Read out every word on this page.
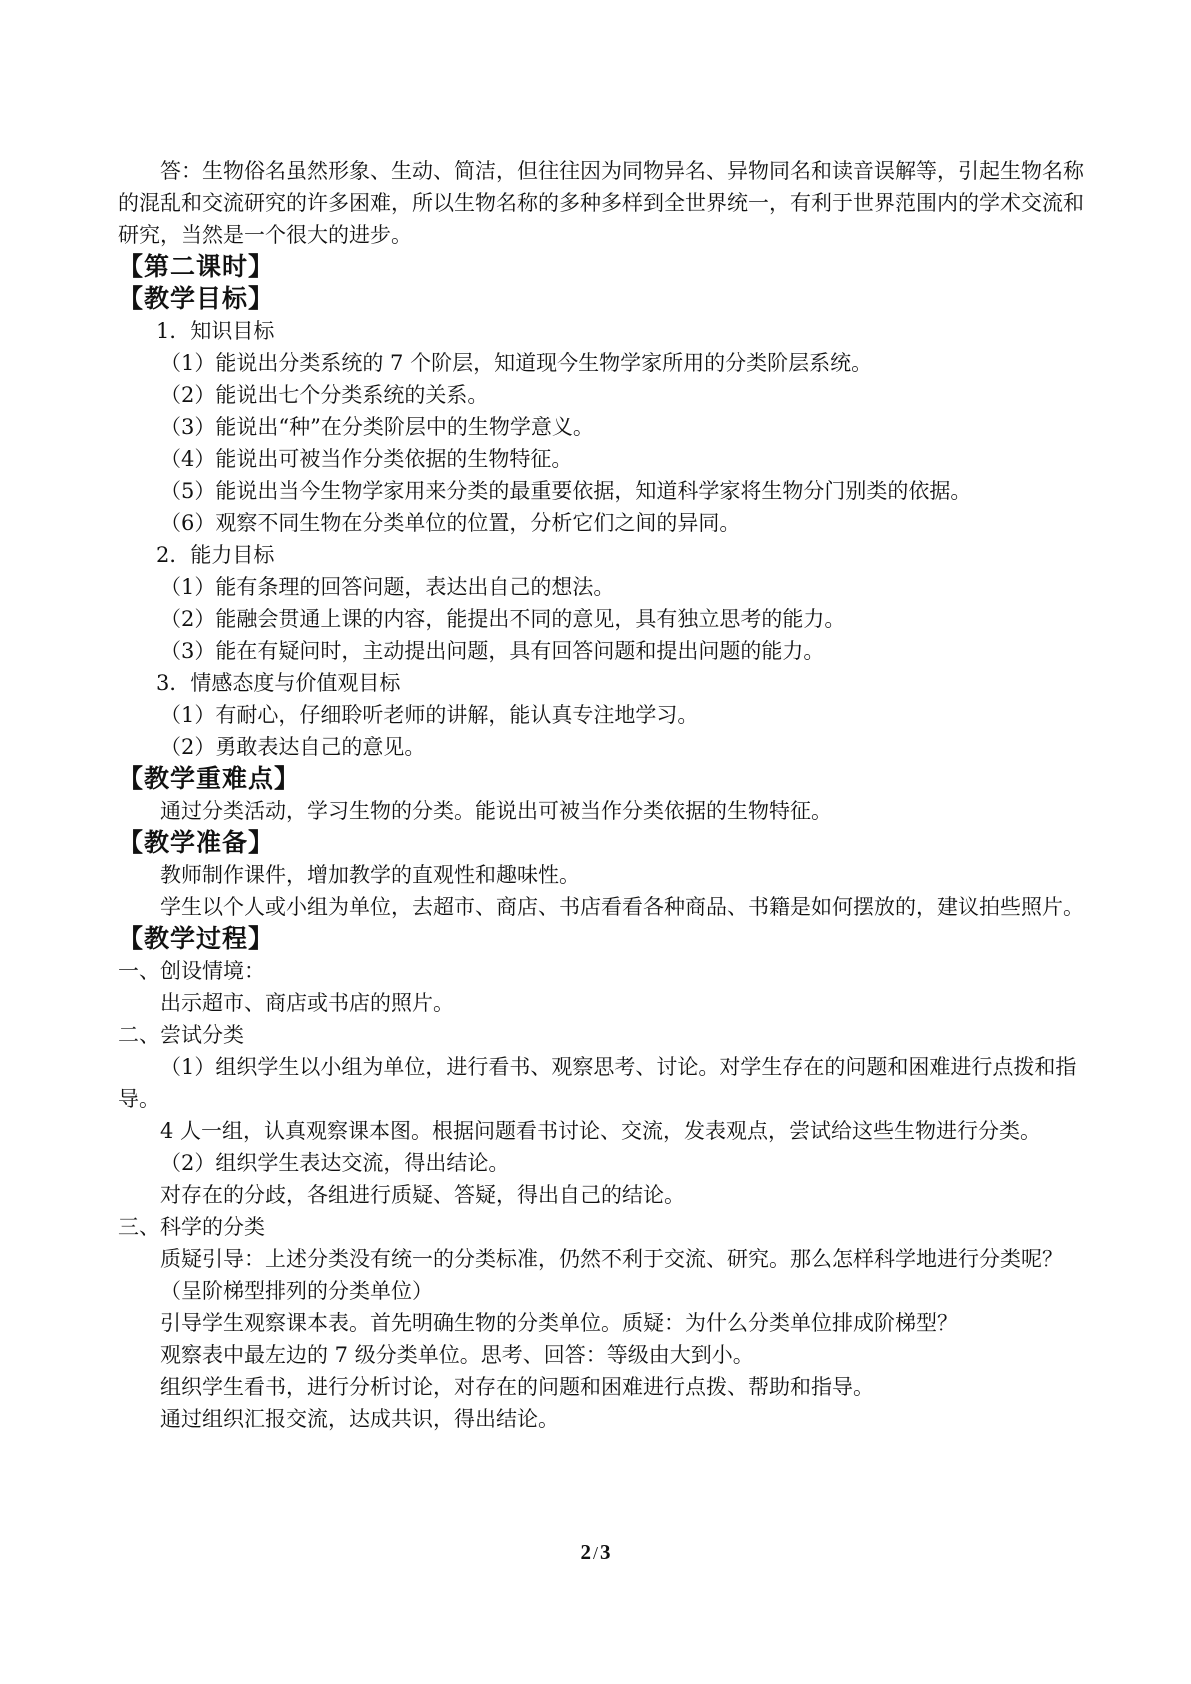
答：生物俗名虽然形象、生动、简洁，但往往因为同物异名、异物同名和读音误解等，引起生物名称的混乱和交流研究的许多困难，所以生物名称的多种多样到全世界统一，有利于世界范围内的学术交流和研究，当然是一个很大的进步。

【第二课时】

【教学目标】

1．知识目标

（1）能说出分类系统的 7 个阶层，知道现今生物学家所用的分类阶层系统。

（2）能说出七个分类系统的关系。

（3）能说出“种”在分类阶层中的生物学意义。

（4）能说出可被当作分类依据的生物特征。

（5）能说出当今生物学家用来分类的最重要依据，知道科学家将生物分门别类的依据。

（6）观察不同生物在分类单位的位置，分析它们之间的异同。

2．能力目标

（1）能有条理的回答问题，表达出自己的想法。

（2）能融会贯通上课的内容，能提出不同的意见，具有独立思考的能力。

（3）能在有疑问时，主动提出问题，具有回答问题和提出问题的能力。

3．情感态度与价值观目标

（1）有耐心，仔细聆听老师的讲解，能认真专注地学习。

（2）勇敢表达自己的意见。

【教学重难点】

通过分类活动，学习生物的分类。能说出可被当作分类依据的生物特征。

【教学准备】

教师制作课件，增加教学的直观性和趣味性。

学生以个人或小组为单位，去超市、商店、书店看看各种商品、书籍是如何摆放的，建议拍些照片。

【教学过程】

一、创设情境：

出示超市、商店或书店的照片。

二、尝试分类

（1）组织学生以小组为单位，进行看书、观察思考、讨论。对学生存在的问题和困难进行点拨和指导。

4 人一组，认真观察课本图。根据问题看书讨论、交流，发表观点，尝试给这些生物进行分类。

（2）组织学生表达交流，得出结论。

对存在的分歧，各组进行质疑、答疑，得出自己的结论。

三、科学的分类

质疑引导：上述分类没有统一的分类标准，仍然不利于交流、研究。那么怎样科学地进行分类呢？

（呈阶梯型排列的分类单位）

引导学生观察课本表。首先明确生物的分类单位。质疑：为什么分类单位排成阶梯型？

观察表中最左边的 7 级分类单位。思考、回答：等级由大到小。

组织学生看书，进行分析讨论，对存在的问题和困难进行点拨、帮助和指导。

通过组织汇报交流，达成共识，得出结论。

2 /3
